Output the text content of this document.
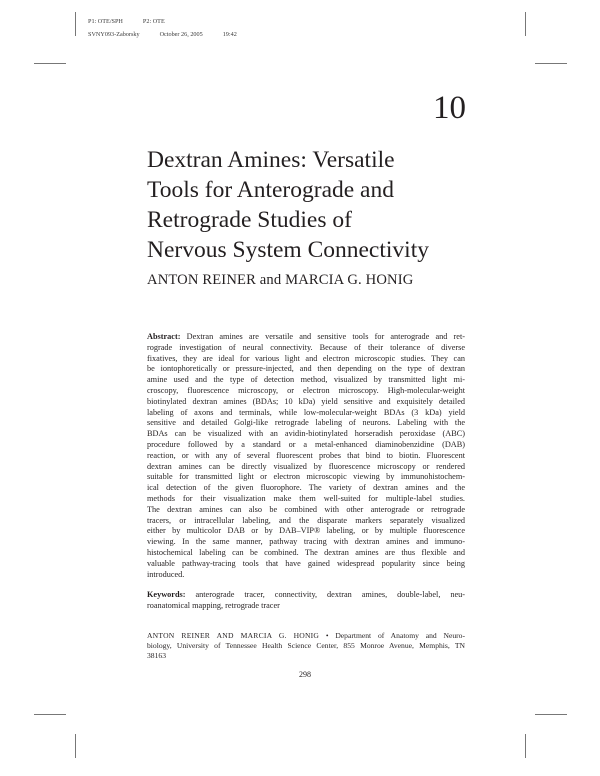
P1: OTE/SPH	P2: OTE
SVNY093-Zaborsky	October 26, 2005	19:42
10
Dextran Amines: Versatile
Tools for Anterograde and
Retrograde Studies of
Nervous System Connectivity
ANTON REINER and MARCIA G. HONIG
Abstract: Dextran amines are versatile and sensitive tools for anterograde and ret-
rograde investigation of neural connectivity. Because of their tolerance of diverse
fixatives, they are ideal for various light and electron microscopic studies. They can
be iontophoretically or pressure-injected, and then depending on the type of dextran
amine used and the type of detection method, visualized by transmitted light mi-
croscopy, fluorescence microscopy, or electron microscopy. High-molecular-weight
biotinylated dextran amines (BDAs; 10 kDa) yield sensitive and exquisitely detailed
labeling of axons and terminals, while low-molecular-weight BDAs (3 kDa) yield
sensitive and detailed Golgi-like retrograde labeling of neurons. Labeling with the
BDAs can be visualized with an avidin-biotinylated horseradish peroxidase (ABC)
procedure followed by a standard or a metal-enhanced diaminobenzidine (DAB)
reaction, or with any of several fluorescent probes that bind to biotin. Fluorescent
dextran amines can be directly visualized by fluorescence microscopy or rendered
suitable for transmitted light or electron microscopic viewing by immunohistochem-
ical detection of the given fluorophore. The variety of dextran amines and the
methods for their visualization make them well-suited for multiple-label studies.
The dextran amines can also be combined with other anterograde or retrograde
tracers, or intracellular labeling, and the disparate markers separately visualized
either by multicolor DAB or by DAB–VIP® labeling, or by multiple fluorescence
viewing. In the same manner, pathway tracing with dextran amines and immuno-
histochemical labeling can be combined. The dextran amines are thus flexible and
valuable pathway-tracing tools that have gained widespread popularity since being
introduced.
Keywords: anterograde tracer, connectivity, dextran amines, double-label, neu-
roanatomical mapping, retrograde tracer
ANTON REINER AND MARCIA G. HONIG • Department of Anatomy and Neuro-
biology, University of Tennessee Health Science Center, 855 Monroe Avenue, Memphis, TN
38163
298
